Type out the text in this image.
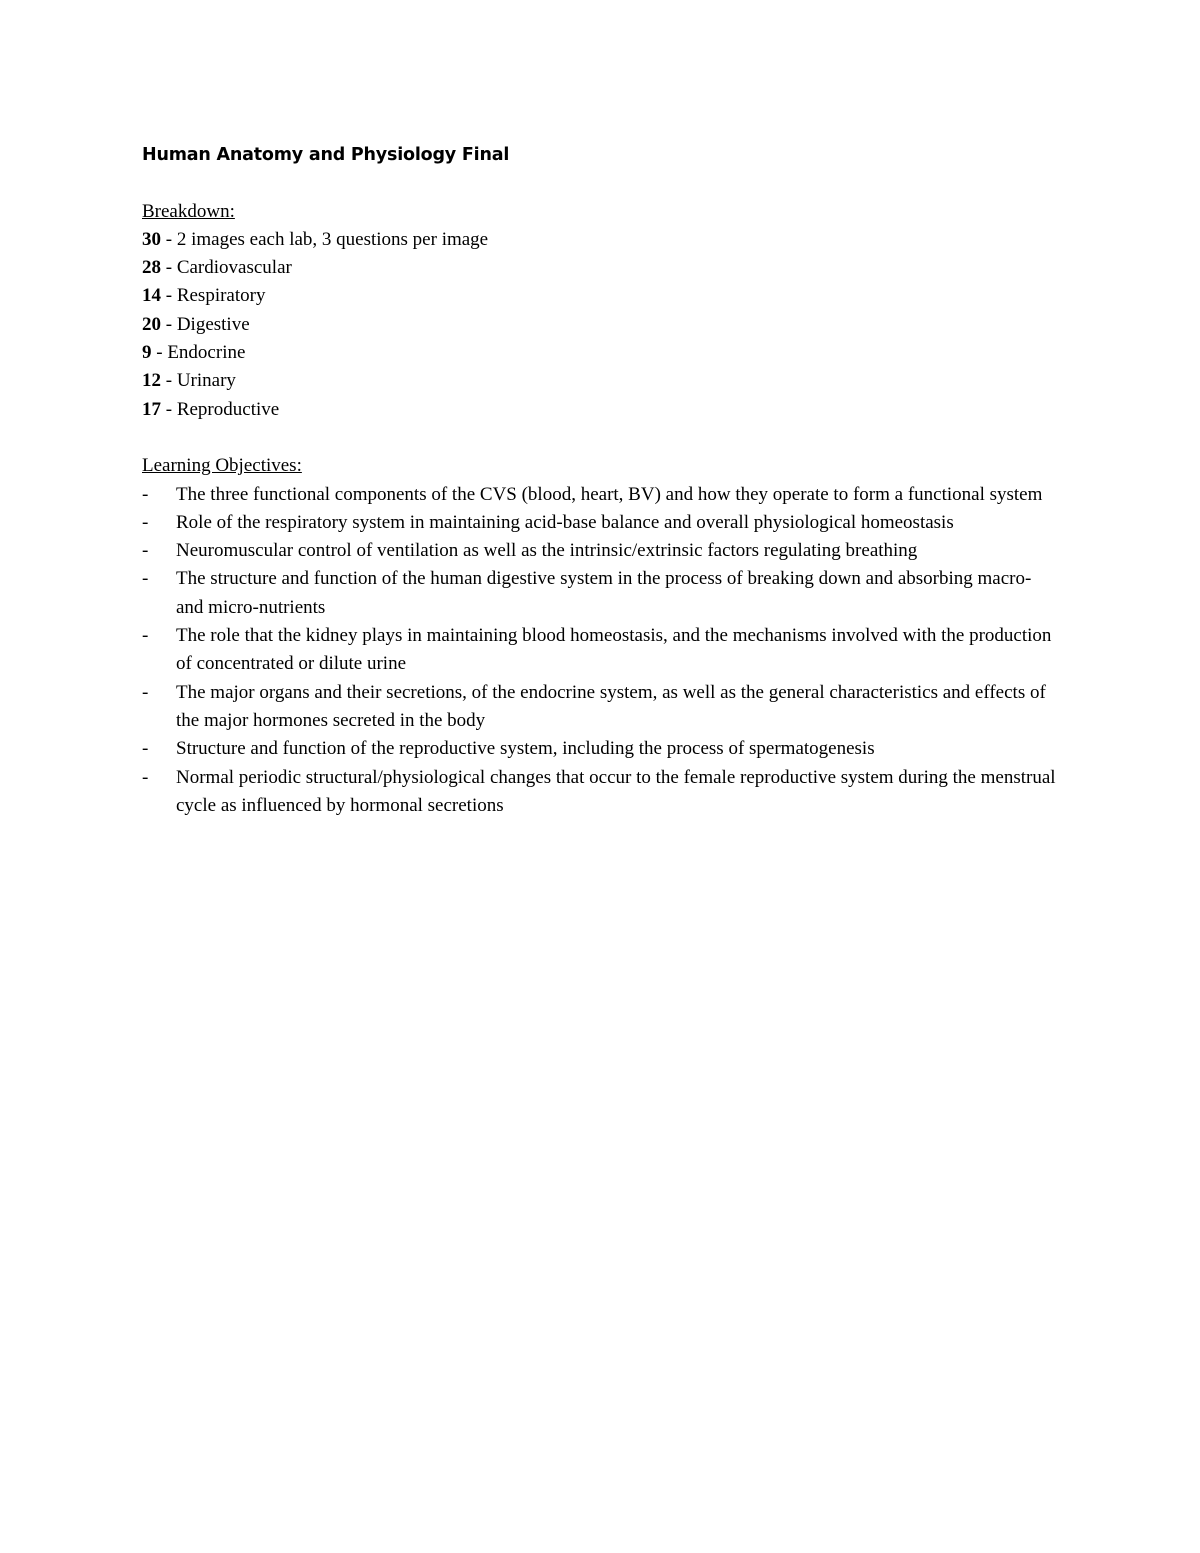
Human Anatomy and Physiology Final
Breakdown:
30 - 2 images each lab, 3 questions per image
28 - Cardiovascular
14 - Respiratory
20 - Digestive
9 - Endocrine
12 - Urinary
17 - Reproductive
Learning Objectives:
- The three functional components of the CVS (blood, heart, BV) and how they operate to form a functional system
- Role of the respiratory system in maintaining acid-base balance and overall physiological homeostasis
- Neuromuscular control of ventilation as well as the intrinsic/extrinsic factors regulating breathing
- The structure and function of the human digestive system in the process of breaking down and absorbing macro- and micro-nutrients
- The role that the kidney plays in maintaining blood homeostasis, and the mechanisms involved with the production of concentrated or dilute urine
- The major organs and their secretions, of the endocrine system, as well as the general characteristics and effects of the major hormones secreted in the body
- Structure and function of the reproductive system, including the process of spermatogenesis
- Normal periodic structural/physiological changes that occur to the female reproductive system during the menstrual cycle as influenced by hormonal secretions
